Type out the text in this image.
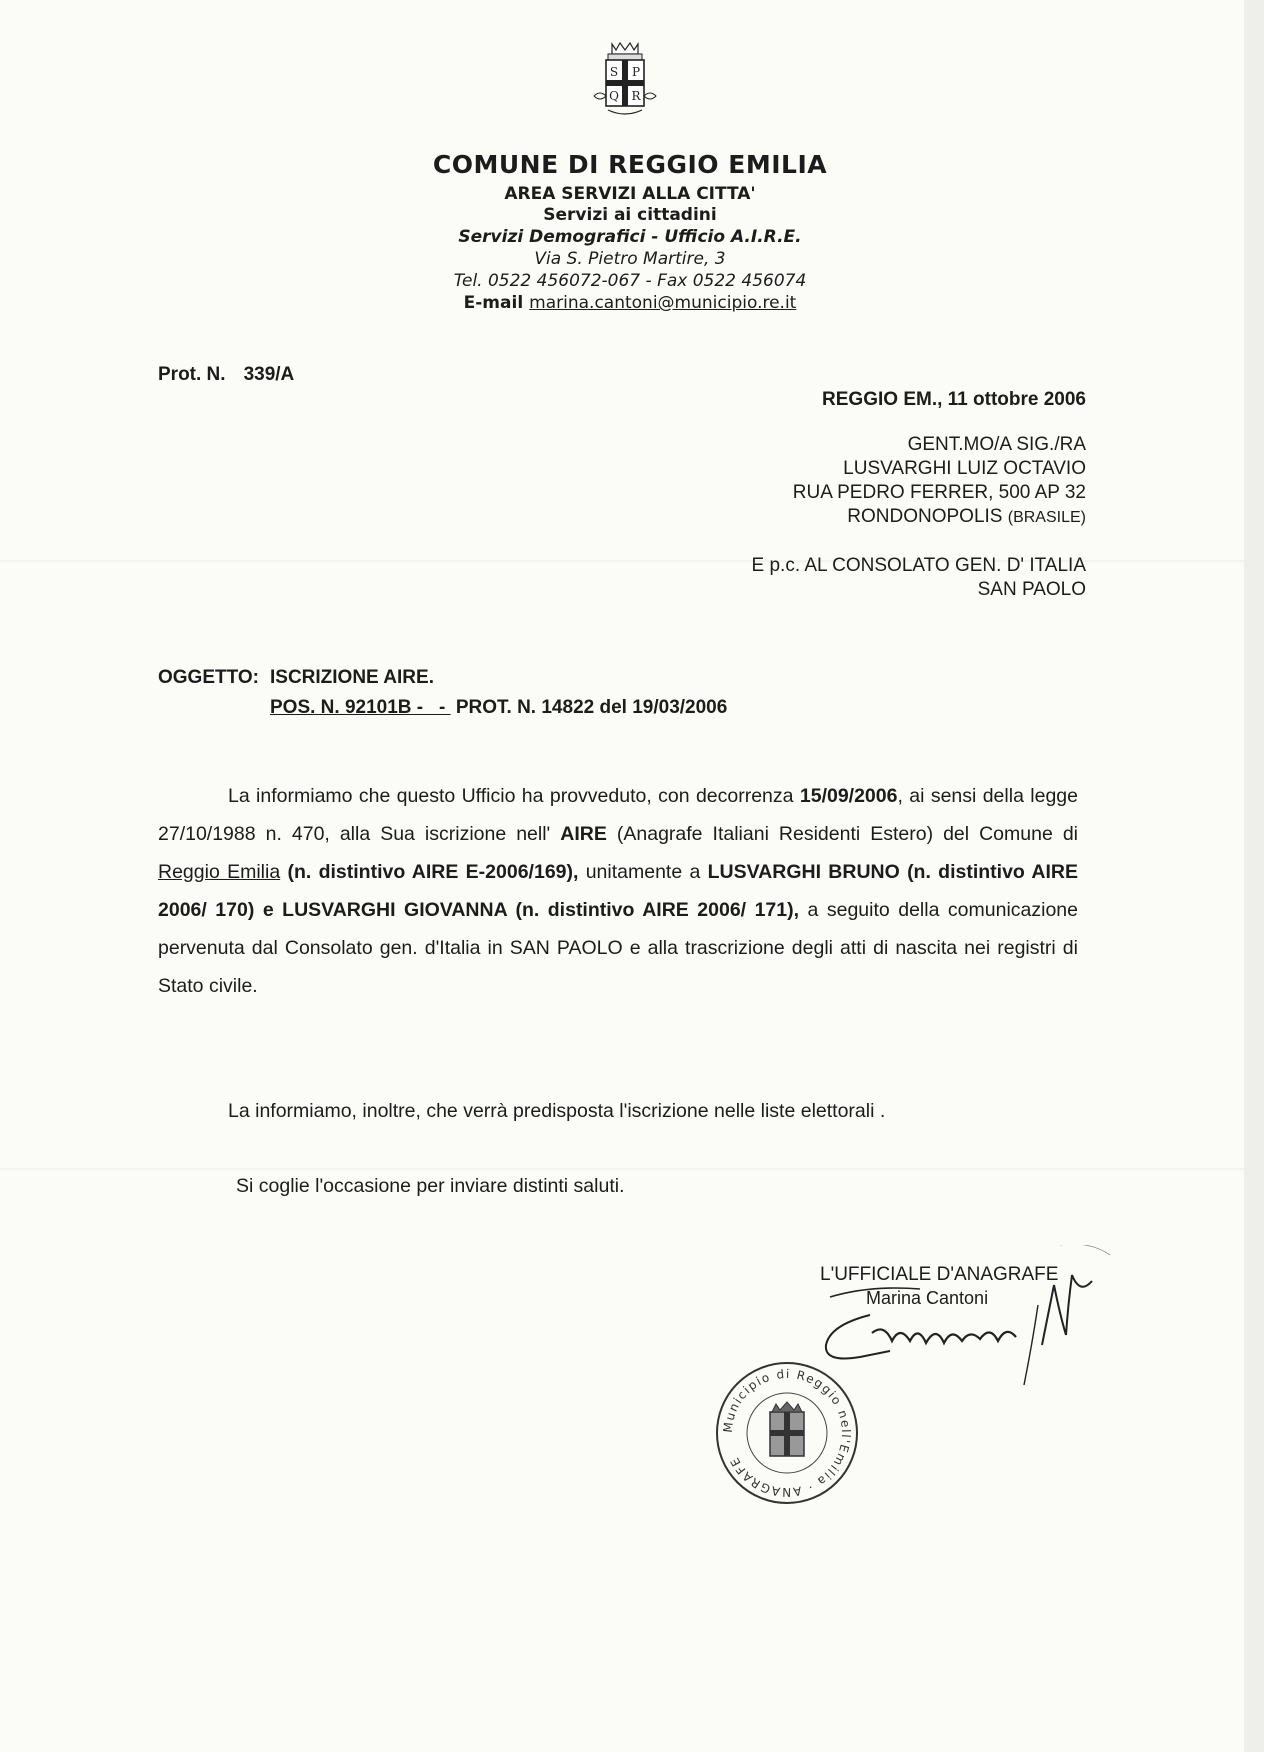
S P
Q R
COMUNE DI REGGIO EMILIA
AREA SERVIZI ALLA CITTA'
Servizi ai cittadini
Servizi Demografici - Ufficio A.I.R.E.
Via S. Pietro Martire, 3
Tel. 0522 456072-067 - Fax 0522 456074
E-mail marina.cantoni@municipio.re.it
Prot. N. 339/A
REGGIO EM., 11 ottobre 2006
GENT.MO/A SIG./RA
LUSVARGHI LUIZ OCTAVIO
RUA PEDRO FERRER, 500 AP 32
RONDONOPOLIS (BRASILE)
E p.c. AL CONSOLATO GEN. D' ITALIA
SAN PAOLO
OGGETTO: ISCRIZIONE AIRE.
POS. N. 92101B -   -  PROT. N. 14822 del 19/03/2006
La informiamo che questo Ufficio ha provveduto, con decorrenza 15/09/2006, ai sensi della legge 27/10/1988 n. 470, alla Sua iscrizione nell' AIRE (Anagrafe Italiani Residenti Estero) del Comune di Reggio Emilia (n. distintivo AIRE E-2006/169), unitamente a LUSVARGHI BRUNO (n. distintivo AIRE 2006/ 170) e LUSVARGHI GIOVANNA (n. distintivo AIRE 2006/ 171), a seguito della comunicazione pervenuta dal Consolato gen. d'Italia in SAN PAOLO e alla trascrizione degli atti di nascita nei registri di Stato civile.
La informiamo, inoltre, che verrà predisposta l'iscrizione nelle liste elettorali .
Si coglie l'occasione per inviare distinti saluti.
L'UFFICIALE D'ANAGRAFE
Marina Cantoni
Municipio di Reggio nell'Emilia · ANAGRAFE
